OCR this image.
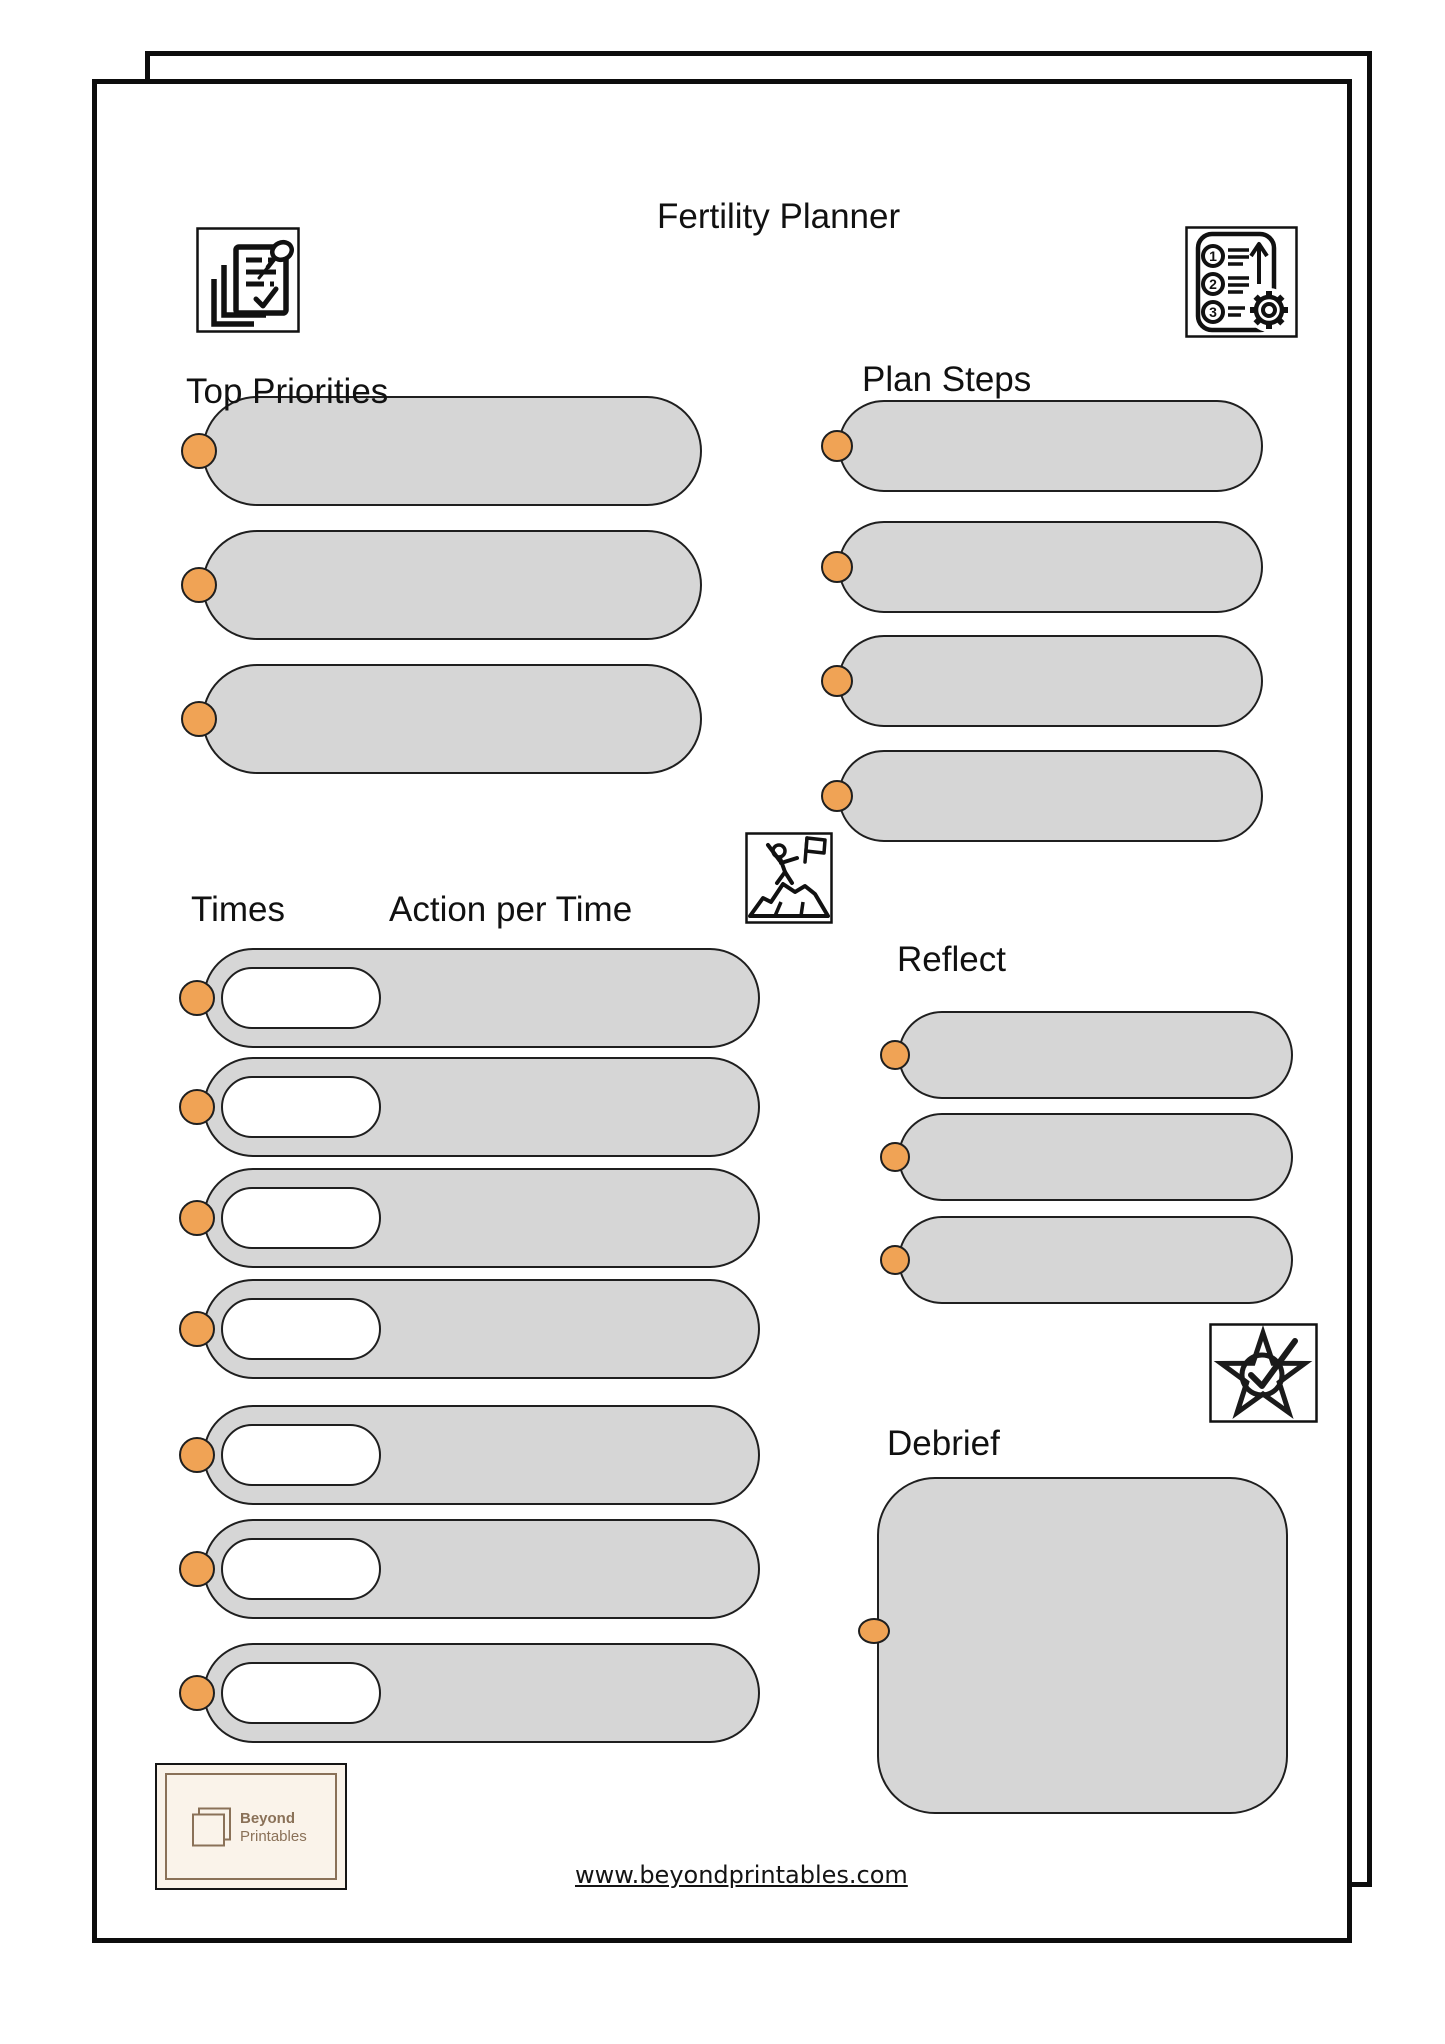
Fertility Planner
1
2
3
Top Priorities	Plan Steps
Times	Action per Time
Reflect
Debrief
Beyond
Printables
www.beyondprintables.com
